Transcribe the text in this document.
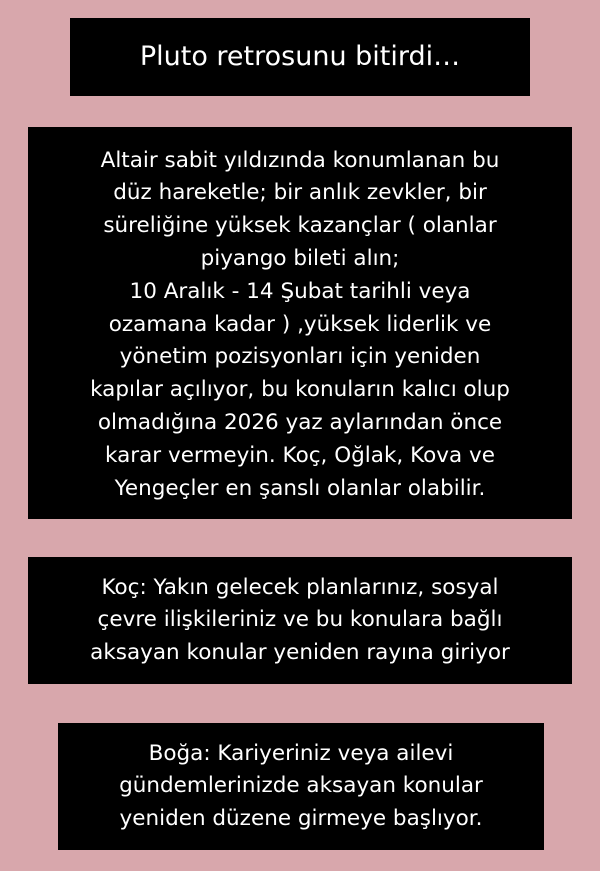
Pluto retrosunu bitirdi…
Altair sabit yıldızında konumlanan bu
düz hareketle; bir anlık zevkler, bir
süreliğine yüksek kazançlar ( olanlar
piyango bileti alın;
10 Aralık - 14 Şubat tarihli veya
ozamana kadar ) ,yüksek liderlik ve
yönetim pozisyonları için yeniden
kapılar açılıyor, bu konuların kalıcı olup
olmadığına 2026 yaz aylarından önce
karar vermeyin. Koç, Oğlak, Kova ve
Yengeçler en şanslı olanlar olabilir.
Koç: Yakın gelecek planlarınız, sosyal
çevre ilişkileriniz ve bu konulara bağlı
aksayan konular yeniden rayına giriyor
Boğa: Kariyeriniz veya ailevi
gündemlerinizde aksayan konular
yeniden düzene girmeye başlıyor.
